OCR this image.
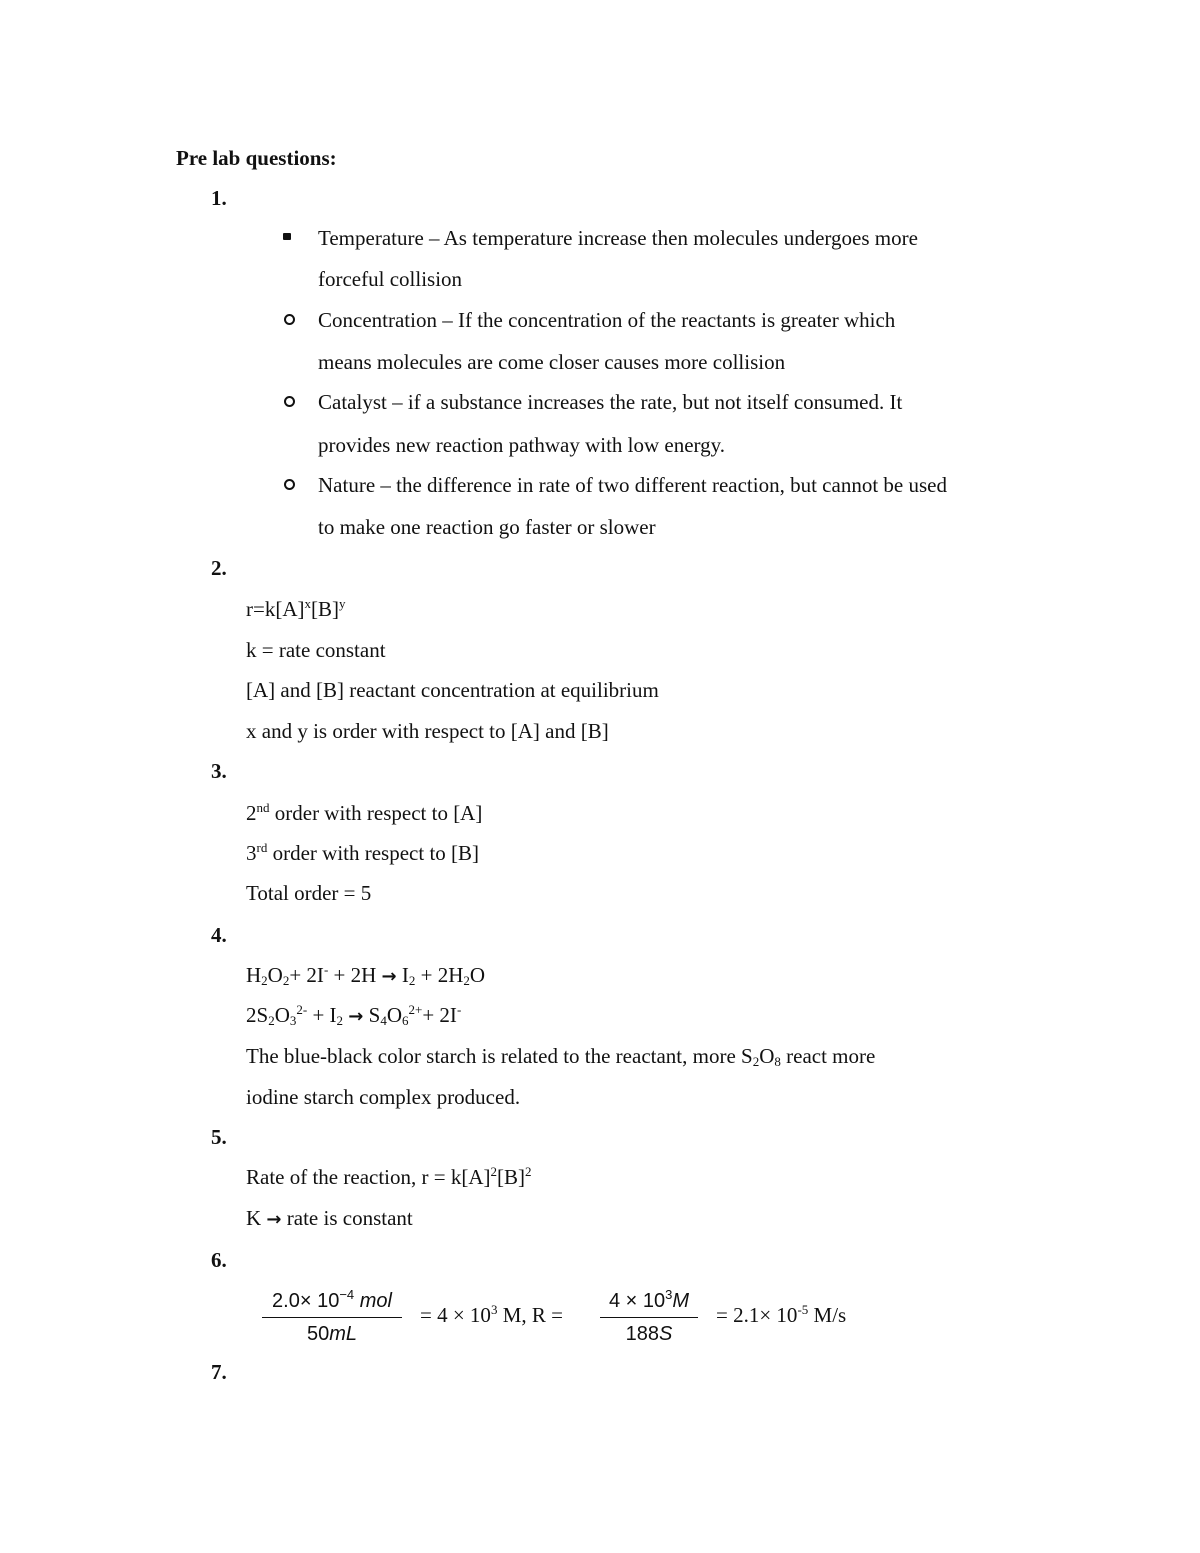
Pre lab questions:
1.
Temperature – As temperature increase then molecules undergoes more
forceful collision
Concentration – If the concentration of the reactants is greater which
means molecules are come closer causes more collision
Catalyst – if a substance increases the rate, but not itself consumed. It
provides new reaction pathway with low energy.
Nature – the difference in rate of two different reaction, but cannot be used
to make one reaction go faster or slower
2.
$r=k[A]^x[B]^y$
k = rate constant
[A] and [B] reactant concentration at equilibrium
x and y is order with respect to [A] and [B]
3.
2nd order with respect to [A]
3rd order with respect to [B]
Total order = 5
4.
$H_2O_2+ 2I^- + 2H \to I_2 + 2H_2O$
$2S_2O_3^{2-} + I_2 \to S_4O_6^{2+}+ 2I^-$
The blue-black color starch is related to the reactant, more $S_2O_8$ react more
iodine starch complex produced.
5.
Rate of the reaction, $r = k[A]^2[B]^2$
K → rate is constant
6.
$2.0\times 10^{-4}$ mol
50mL
= $4 \times 10^3$ M, R =
$4 \times 10^3M$
188S
= $2.1\times 10^{-5}$ M/s
7.
